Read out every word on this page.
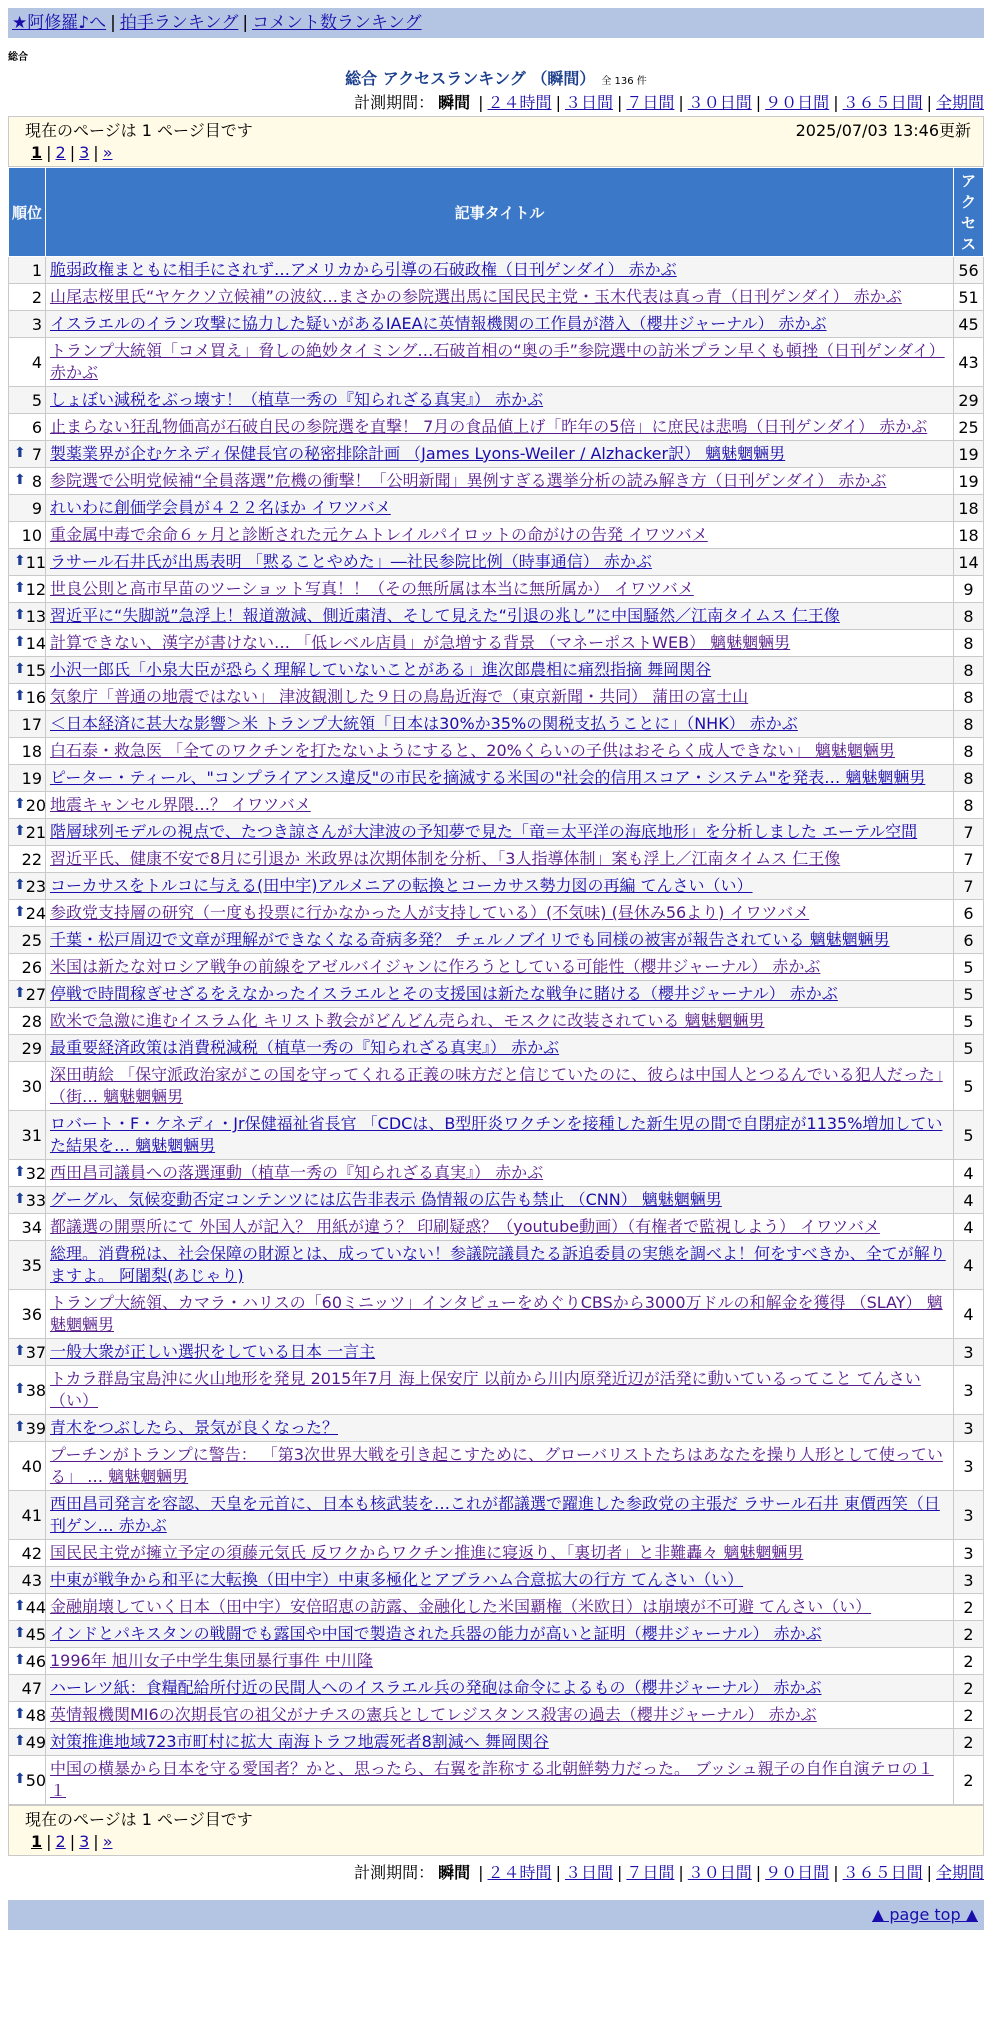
★阿修羅♪へ | 拍手ランキング | コメント数ランキング
総合
総合 アクセスランキング （瞬間） 全 136 件
計測期間： 瞬間 | ２４時間 | ３日間 | ７日間 | ３０日間 | ９０日間 | ３６５日間 | 全期間
現在のページは 1 ページ目です	2025/07/03 13:46更新
1 | 2 | 3 | »
順位	記事タイトル	アクセス
1	脆弱政権まともに相手にされず…アメリカから引導の石破政権（日刊ゲンダイ） 赤かぶ	56
2	山尾志桜里氏“ヤケクソ立候補”の波紋…まさかの参院選出馬に国民民主党・玉木代表は真っ青（日刊ゲンダイ） 赤かぶ	51
3	イスラエルのイラン攻撃に協力した疑いがあるIAEAに英情報機関の工作員が潜入（櫻井ジャーナル） 赤かぶ	45
4	トランプ大統領「コメ買え」脅しの絶妙タイミング…石破首相の“奥の手”参院選中の訪米プラン早くも頓挫（日刊ゲンダイ） 赤かぶ	43
5	しょぼい減税をぶっ壊す！（植草一秀の『知られざる真実』） 赤かぶ	29
6	止まらない狂乱物価高が石破自民の参院選を直撃！ 7月の食品値上げ「昨年の5倍」に庶民は悲鳴（日刊ゲンダイ） 赤かぶ	25

⬆ 7	製薬業界が企むケネディ保健長官の秘密排除計画 （James Lyons-Weiler / Alzhacker訳） 魑魅魍魎男	19

⬆ 8	参院選で公明党候補“全員落選”危機の衝撃！「公明新聞」異例すぎる選挙分析の読み解き方（日刊ゲンダイ） 赤かぶ	19
9	れいわに創価学会員が４２２名ほか イワツバメ	18
10	重金属中毒で余命６ヶ月と診断された元ケムトレイルパイロットの命がけの告発 イワツバメ	18

⬆ 11	ラサール石井氏が出馬表明 「黙ることやめた」―社民参院比例（時事通信） 赤かぶ	14

⬆ 12	世良公則と高市早苗のツーショット写真！！（その無所属は本当に無所属か） イワツバメ	9

⬆ 13	習近平に“失脚説”急浮上！報道激減、側近粛清、そして見えた“引退の兆し”に中国騒然／江南タイムス 仁王像	8

⬆ 14	計算できない、漢字が書けない… 「低レベル店員」が急増する背景 （マネーポストWEB） 魑魅魍魎男	8

⬆ 15	小沢一郎氏「小泉大臣が恐らく理解していないことがある」進次郎農相に痛烈指摘 舞岡関谷	8

⬆ 16	気象庁「普通の地震ではない」 津波観測した９日の鳥島近海で（東京新聞・共同） 蒲田の富士山	8
17	＜日本経済に甚大な影響＞米 トランプ大統領「日本は30%か35%の関税支払うことに」（NHK） 赤かぶ	8
18	白石泰・救急医 「全てのワクチンを打たないようにすると、20%くらいの子供はおそらく成人できない」 魑魅魍魎男	8
19	ピーター・ティール、"コンプライアンス違反"の市民を摘滅する米国の"社会的信用スコア・システム"を発表… 魑魅魍魎男	8

⬆ 20	地震キャンセル界隈…？ イワツバメ	8

⬆ 21	階層球列モデルの視点で、たつき諒さんが大津波の予知夢で見た「竜＝太平洋の海底地形」を分析しました エーテル空間	7
22	習近平氏、健康不安で8月に引退か 米政界は次期体制を分析、「3人指導体制」案も浮上／江南タイムス 仁王像	7

⬆ 23	コーカサスをトルコに与える(田中宇)アルメニアの転換とコーカサス勢力図の再編 てんさい（い）	7

⬆ 24	参政党支持層の研究（一度も投票に行かなかった人が支持している）(不気味) (昼休み56より) イワツバメ	6
25	千葉・松戸周辺で文章が理解ができなくなる奇病多発？ チェルノブイリでも同様の被害が報告されている 魑魅魍魎男	6
26	米国は新たな対ロシア戦争の前線をアゼルバイジャンに作ろうとしている可能性（櫻井ジャーナル） 赤かぶ	5

⬆ 27	停戦で時間稼ぎせざるをえなかったイスラエルとその支援国は新たな戦争に賭ける（櫻井ジャーナル） 赤かぶ	5
28	欧米で急激に進むイスラム化 キリスト教会がどんどん売られ、モスクに改装されている 魑魅魍魎男	5
29	最重要経済政策は消費税減税（植草一秀の『知られざる真実』） 赤かぶ	5
30	深田萌絵 「保守派政治家がこの国を守ってくれる正義の味方だと信じていたのに、彼らは中国人とつるんでいる犯人だった」（街… 魑魅魍魎男	5
31	ロバート・F・ケネディ・Jr保健福祉省長官 「CDCは、B型肝炎ワクチンを接種した新生児の間で自閉症が1135%増加していた結果を… 魑魅魍魎男	5

⬆ 32	西田昌司議員への落選運動（植草一秀の『知られざる真実』） 赤かぶ	4

⬆ 33	グーグル、気候変動否定コンテンツには広告非表示 偽情報の広告も禁止 （CNN） 魑魅魍魎男	4
34	都議選の開票所にて 外国人が記入？ 用紙が違う？ 印刷疑惑？（youtube動画）（有権者で監視しよう） イワツバメ	4
35	総理。消費税は、社会保障の財源とは、成っていない！参議院議員たる訴追委員の実態を調べよ！何をすべきか、全てが解りますよ。 阿闍梨(あじゃり)	4
36	トランプ大統領、カマラ・ハリスの「60ミニッツ」インタビューをめぐりCBSから3000万ドルの和解金を獲得 （SLAY） 魑魅魍魎男	4

⬆ 37	一般大衆が正しい選択をしている日本 一言主	3

⬆ 38	トカラ群島宝島沖に火山地形を発見 2015年7月 海上保安庁 以前から川内原発近辺が活発に動いているってこと てんさい（い）	3

⬆ 39	青木をつぶしたら、景気が良くなった？	3
40	プーチンがトランプに警告： 「第3次世界大戦を引き起こすために、グローバリストたちはあなたを操り人形として使っている」 … 魑魅魍魎男	3
41	西田昌司発言を容認、天皇を元首に、日本も核武装を…これが都議選で躍進した参政党の主張だ ラサール石井 東價西笑（日刊ゲン… 赤かぶ	3
42	国民民主党が擁立予定の須藤元気氏 反ワクからワクチン推進に寝返り、「裏切者」と非難轟々 魑魅魍魎男	3
43	中東が戦争から和平に大転換（田中宇）中東多極化とアブラハム合意拡大の行方 てんさい（い）	3

⬆ 44	金融崩壊していく日本（田中宇）安倍昭恵の訪露、金融化した米国覇権（米欧日）は崩壊が不可避 てんさい（い）	2

⬆ 45	インドとパキスタンの戦闘でも露国や中国で製造された兵器の能力が高いと証明（櫻井ジャーナル） 赤かぶ	2

⬆ 46	1996年 旭川女子中学生集団暴行事件 中川隆	2
47	ハーレツ紙：食糧配給所付近の民間人へのイスラエル兵の発砲は命令によるもの（櫻井ジャーナル） 赤かぶ	2

⬆ 48	英情報機関MI6の次期長官の祖父がナチスの憲兵としてレジスタンス殺害の過去（櫻井ジャーナル） 赤かぶ	2

⬆ 49	対策推進地域723市町村に拡大 南海トラフ地震死者8割減へ 舞岡関谷	2

⬆ 50	中国の横暴から日本を守る愛国者？かと、思ったら、右翼を詐称する北朝鮮勢力だった。 ブッシュ親子の自作自演テロの１１	2
現在のページは 1 ページ目です
1 | 2 | 3 | »
計測期間： 瞬間 | ２４時間 | ３日間 | ７日間 | ３０日間 | ９０日間 | ３６５日間 | 全期間
▲ page top ▲
